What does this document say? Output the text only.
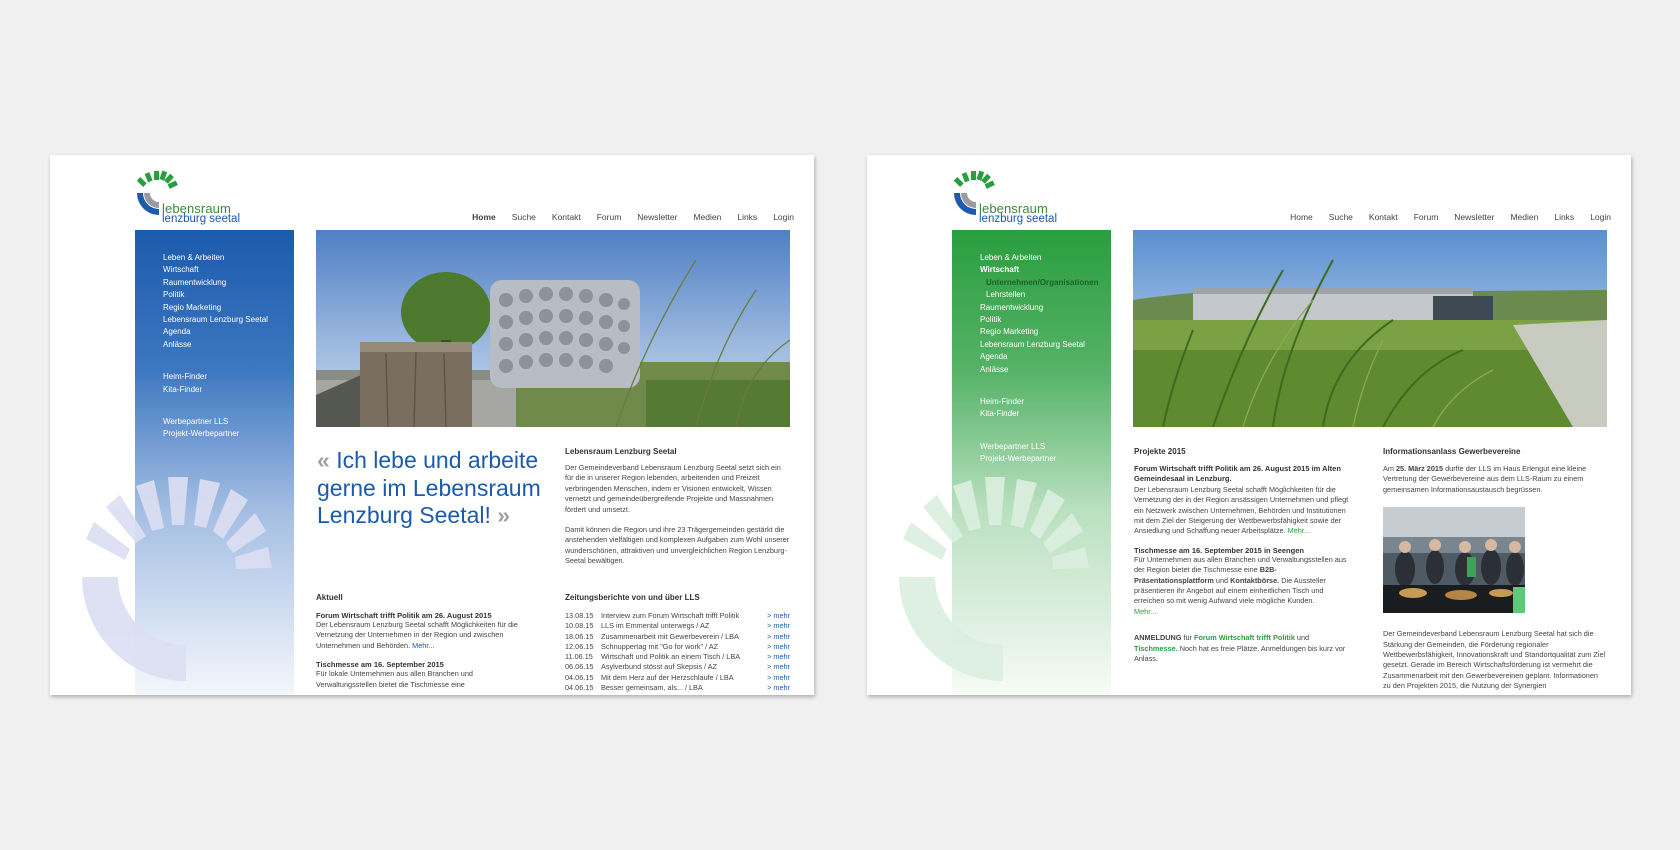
lebensraum
lenzburg seetal	Home Suche Kontakt Forum Newsletter Medien Links Login
Leben & Arbeiten
Wirtschaft
Raumentwicklung
Politik
Regio Marketing
Lebensraum Lenzburg Seetal
Agenda
Anlässe
Heim-Finder
Kita-Finder
Werbepartner LLS
Projekt-Werbepartner
« Ich lebe und arbeite gerne im Lebensraum Lenzburg Seetal! »
Lebensraum Lenzburg Seetal
Der Gemeindeverband Lebensraum Lenzburg Seetal setzt sich ein für die in unserer Region lebenden, arbeitenden und Freizeit verbringenden Menschen, indem er Visionen entwickelt, Wissen vernetzt und gemeindeübergreifende Projekte und Massnahmen fördert und umsetzt.
Damit können die Region und ihre 23 Trägergemeinden gestärkt die anstehenden vielfältigen und komplexen Aufgaben zum Wohl unserer wunderschönen, attraktiven und unvergleichlichen Region Lenzburg-Seetal bewältigen.
Aktuell
Forum Wirtschaft trifft Politik am 26. August 2015
Der Lebensraum Lenzburg Seetal schafft Möglichkeiten für die Vernetzung der Unternehmen in der Region und zwischen Unternehmen und Behörden. Mehr...
Tischmesse am 16. September 2015
Für lokale Unternehmen aus allen Branchen und Verwaltungsstellen bietet die Tischmesse eine
Zeitungsberichte von und über LLS
13.08.15	Interview zum Forum Wirtschaft trifft Politik	> mehr
10.08.15	LLS im Emmental unterwegs / AZ	> mehr
18.06.15	Zusammenarbeit mit Gewerbeverein / LBA	> mehr
12.06.15	Schnuppertag mit "Go for work" / AZ	> mehr
11.06.15	Wirtschaft und Politik an einem Tisch / LBA	> mehr
06.06.15	Asylverbund stösst auf Skepsis / AZ	> mehr
04.06.15	Mit dem Herz auf der Herzschlaufe / LBA	> mehr
04.06.15	Besser gemeinsam, als... / LBA	> mehr
lebensraum
lenzburg seetal	Home Suche Kontakt Forum Newsletter Medien Links Login
Leben & Arbeiten
Wirtschaft
Unternehmen/Organisationen
Lehrstellen
Raumentwicklung
Politik
Regio Marketing
Lebensraum Lenzburg Seetal
Agenda
Anlässe
Heim-Finder
Kita-Finder
Werbepartner LLS
Projekt-Werbepartner
Projekte 2015
Forum Wirtschaft trifft Politik am 26. August 2015 im Alten Gemeindesaal in Lenzburg.
Der Lebensraum Lenzburg Seetal schafft Möglichkeiten für die Vernetzung der in der Region ansässigen Unternehmen und pflegt ein Netzwerk zwischen Unternehmen, Behörden und Institutionen mit dem Ziel der Steigerung der Wettbewerbsfähigkeit sowie der Ansiedlung und Schaffung neuer Arbeitsplätze. Mehr...
Tischmesse am 16. September 2015 in Seengen
Für Unternehmen aus allen Branchen und Verwaltungsstellen aus der Region bietet die Tischmesse eine B2B-Präsentationsplattform und Kontaktbörse. Die Aussteller präsentieren ihr Angebot auf einem einheitlichen Tisch und erreichen so mit wenig Aufwand viele mögliche Kunden.
Mehr...
ANMELDUNG für Forum Wirtschaft trifft Politik und Tischmesse. Noch hat es freie Plätze. Anmeldungen bis kurz vor Anlass.
Informationsanlass Gewerbevereine
Am 25. März 2015 durfte der LLS im Haus Erlengut eine kleine Vertretung der Gewerbevereine aus dem LLS-Raum zu einem gemeinsamen Informationsaustausch begrüssen.
Der Gemeindeverband Lebensraum Lenzburg Seetal hat sich die Stärkung der Gemeinden, die Förderung regionaler Wettbewerbsfähigkeit, Innovationskraft und Standortqualität zum Ziel gesetzt. Gerade im Bereich Wirtschaftsförderung ist vermehrt die Zusammenarbeit mit den Gewerbevereinen geplant. Informationen zu den Projekten 2015, die Nutzung der Synergien
